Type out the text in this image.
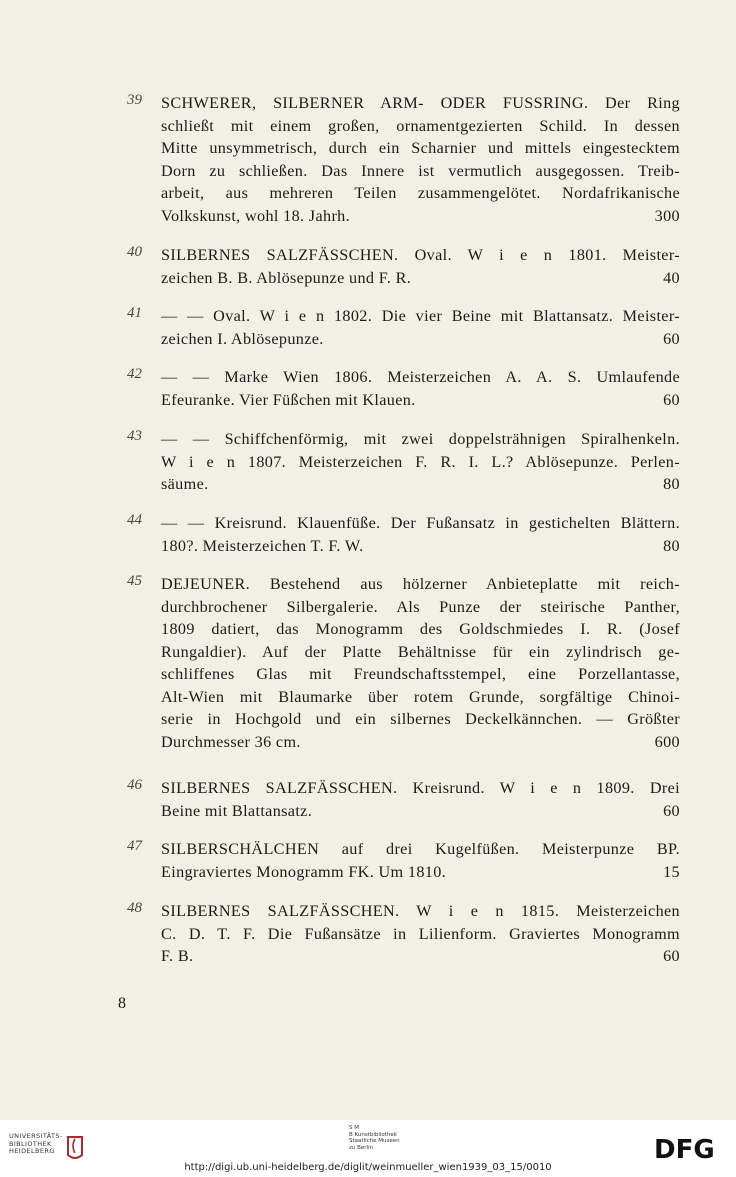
39	SCHWERER, SILBERNER ARM- ODER FUSSRING. Der Ring
schließt mit einem großen, ornamentgezierten Schild. In dessen
Mitte unsymmetrisch, durch ein Scharnier und mittels eingestecktem
Dorn zu schließen. Das Innere ist vermutlich ausgegossen. Treib-
arbeit, aus mehreren Teilen zusammengelötet. Nordafrikanische
Volkskunst, wohl 18. Jahrh.	300
40	SILBERNES SALZFÄSSCHEN. Oval. W i e n 1801. Meister-
zeichen B. B. Ablösepunze und F. R.	40
41	— — Oval. W i e n 1802. Die vier Beine mit Blattansatz. Meister-
zeichen I. Ablösepunze.	60
42	— — Marke Wien 1806. Meisterzeichen A. A. S. Umlaufende
Efeuranke. Vier Füßchen mit Klauen.	60
43	— — Schiffchenförmig, mit zwei doppelsträhnigen Spiralhenkeln.
W i e n 1807. Meisterzeichen F. R. I. L.? Ablösepunze. Perlen-
säume.	80
44	— — Kreisrund. Klauenfüße. Der Fußansatz in gestichelten Blättern.
180?. Meisterzeichen T. F. W.	80
45	DEJEUNER. Bestehend aus hölzerner Anbieteplatte mit reich-
durchbrochener Silbergalerie. Als Punze der steirische Panther,
1809 datiert, das Monogramm des Goldschmiedes I. R. (Josef
Rungaldier). Auf der Platte Behältnisse für ein zylindrisch ge-
schliffenes Glas mit Freundschaftsstempel, eine Porzellantasse,
Alt-Wien mit Blaumarke über rotem Grunde, sorgfältige Chinoi-
serie in Hochgold und ein silbernes Deckelkännchen. — Größter
Durchmesser 36 cm.	600
46	SILBERNES SALZFÄSSCHEN. Kreisrund. W i e n 1809. Drei
Beine mit Blattansatz.	60
47	SILBERSCHÄLCHEN auf drei Kugelfüßen. Meisterpunze BP.
Eingraviertes Monogramm FK. Um 1810.	15
48	SILBERNES SALZFÄSSCHEN. W i e n 1815. Meisterzeichen
C. D. T. F. Die Fußansätze in Lilienform. Graviertes Monogramm
F. B.	60
8
UNIVERSITÄTS-
BIBLIOTHEK
HEIDELBERG
S M
B Kunstbibliothek
Staatliche Museen
zu Berlin
http://digi.ub.uni-heidelberg.de/diglit/weinmueller_wien1939_03_15/0010
DFG
